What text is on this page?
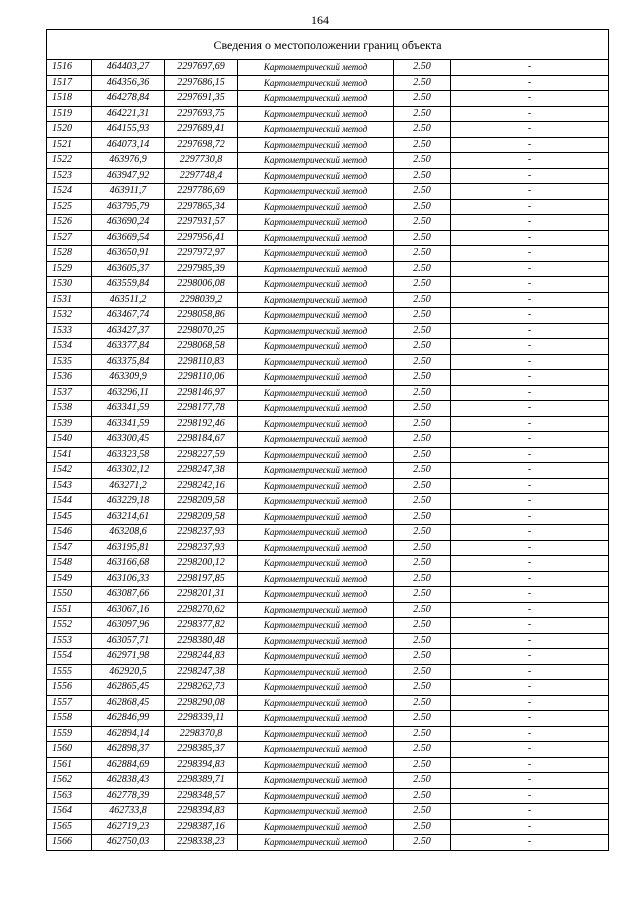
164
Сведения о местоположении границ объекта					
1516	464403,27	2297697,69	Картометрический метод	2.50	-
1517	464356,36	2297686,15	Картометрический метод	2.50	-
1518	464278,84	2297691,35	Картометрический метод	2.50	-
1519	464221,31	2297693,75	Картометрический метод	2.50	-
1520	464155,93	2297689,41	Картометрический метод	2.50	-
1521	464073,14	2297698,72	Картометрический метод	2.50	-
1522	463976,9	2297730,8	Картометрический метод	2.50	-
1523	463947,92	2297748,4	Картометрический метод	2.50	-
1524	463911,7	2297786,69	Картометрический метод	2.50	-
1525	463795,79	2297865,34	Картометрический метод	2.50	-
1526	463690,24	2297931,57	Картометрический метод	2.50	-
1527	463669,54	2297956,41	Картометрический метод	2.50	-
1528	463650,91	2297972,97	Картометрический метод	2.50	-
1529	463605,37	2297985,39	Картометрический метод	2.50	-
1530	463559,84	2298006,08	Картометрический метод	2.50	-
1531	463511,2	2298039,2	Картометрический метод	2.50	-
1532	463467,74	2298058,86	Картометрический метод	2.50	-
1533	463427,37	2298070,25	Картометрический метод	2.50	-
1534	463377,84	2298068,58	Картометрический метод	2.50	-
1535	463375,84	2298110,83	Картометрический метод	2.50	-
1536	463309,9	2298110,06	Картометрический метод	2.50	-
1537	463296,11	2298146,97	Картометрический метод	2.50	-
1538	463341,59	2298177,78	Картометрический метод	2.50	-
1539	463341,59	2298192,46	Картометрический метод	2.50	-
1540	463300,45	2298184,67	Картометрический метод	2.50	-
1541	463323,58	2298227,59	Картометрический метод	2.50	-
1542	463302,12	2298247,38	Картометрический метод	2.50	-
1543	463271,2	2298242,16	Картометрический метод	2.50	-
1544	463229,18	2298209,58	Картометрический метод	2.50	-
1545	463214,61	2298209,58	Картометрический метод	2.50	-
1546	463208,6	2298237,93	Картометрический метод	2.50	-
1547	463195,81	2298237,93	Картометрический метод	2.50	-
1548	463166,68	2298200,12	Картометрический метод	2.50	-
1549	463106,33	2298197,85	Картометрический метод	2.50	-
1550	463087,66	2298201,31	Картометрический метод	2.50	-
1551	463067,16	2298270,62	Картометрический метод	2.50	-
1552	463097,96	2298377,82	Картометрический метод	2.50	-
1553	463057,71	2298380,48	Картометрический метод	2.50	-
1554	462971,98	2298244,83	Картометрический метод	2.50	-
1555	462920,5	2298247,38	Картометрический метод	2.50	-
1556	462865,45	2298262,73	Картометрический метод	2.50	-
1557	462868,45	2298290,08	Картометрический метод	2.50	-
1558	462846,99	2298339,11	Картометрический метод	2.50	-
1559	462894,14	2298370,8	Картометрический метод	2.50	-
1560	462898,37	2298385,37	Картометрический метод	2.50	-
1561	462884,69	2298394,83	Картометрический метод	2.50	-
1562	462838,43	2298389,71	Картометрический метод	2.50	-
1563	462778,39	2298348,57	Картометрический метод	2.50	-
1564	462733,8	2298394,83	Картометрический метод	2.50	-
1565	462719,23	2298387,16	Картометрический метод	2.50	-
1566	462750,03	2298338,23	Картометрический метод	2.50	-
